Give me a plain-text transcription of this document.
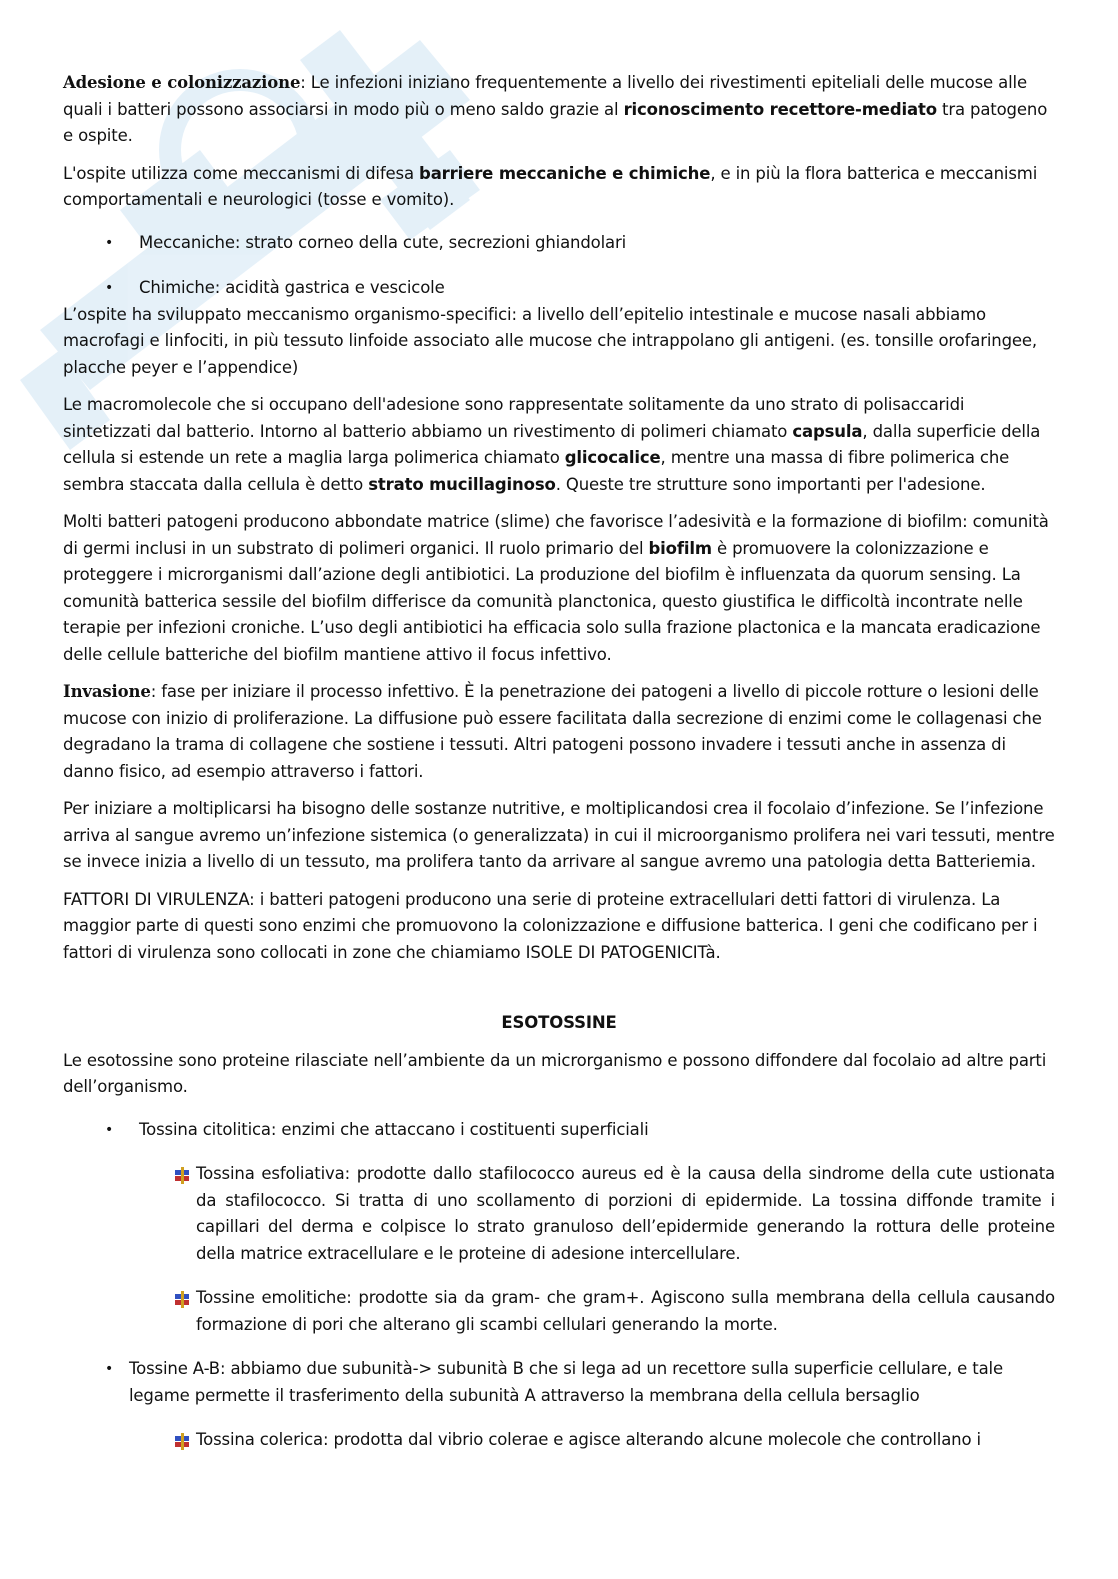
Adesione e colonizzazione: Le infezioni iniziano frequentemente a livello dei rivestimenti epiteliali delle mucose alle quali i batteri possono associarsi in modo più o meno saldo grazie al riconoscimento recettore-mediato tra patogeno e ospite.

L'ospite utilizza come meccanismi di difesa barriere meccaniche e chimiche, e in più la flora batterica e meccanismi comportamentali e neurologici (tosse e vomito).

• Meccaniche: strato corneo della cute, secrezioni ghiandolari
• Chimiche: acidità gastrica e vescicole

L’ospite ha sviluppato meccanismo organismo-specifici: a livello dell’epitelio intestinale e mucose nasali abbiamo macrofagi e linfociti, in più tessuto linfoide associato alle mucose che intrappolano gli antigeni. (es. tonsille orofaringee, placche peyer e l’appendice)

Le macromolecole che si occupano dell'adesione sono rappresentate solitamente da uno strato di polisaccaridi sintetizzati dal batterio. Intorno al batterio abbiamo un rivestimento di polimeri chiamato capsula, dalla superficie della cellula si estende un rete a maglia larga polimerica chiamato glicocalice, mentre una massa di fibre polimerica che sembra staccata dalla cellula è detto strato mucillaginoso. Queste tre strutture sono importanti per l'adesione.

Molti batteri patogeni producono abbondate matrice (slime) che favorisce l’adesività e la formazione di biofilm: comunità di germi inclusi in un substrato di polimeri organici. Il ruolo primario del biofilm è promuovere la colonizzazione e proteggere i microrganismi dall’azione degli antibiotici. La produzione del biofilm è influenzata da quorum sensing. La comunità batterica sessile del biofilm differisce da comunità planctonica, questo giustifica le difficoltà incontrate nelle terapie per infezioni croniche. L’uso degli antibiotici ha efficacia solo sulla frazione plactonica e la mancata eradicazione delle cellule batteriche del biofilm mantiene attivo il focus infettivo.

Invasione: fase per iniziare il processo infettivo. È la penetrazione dei patogeni a livello di piccole rotture o lesioni delle mucose con inizio di proliferazione. La diffusione può essere facilitata dalla secrezione di enzimi come le collagenasi che degradano la trama di collagene che sostiene i tessuti. Altri patogeni possono invadere i tessuti anche in assenza di danno fisico, ad esempio attraverso i fattori.

Per iniziare a moltiplicarsi ha bisogno delle sostanze nutritive, e moltiplicandosi crea il focolaio d’infezione. Se l’infezione arriva al sangue avremo un’infezione sistemica (o generalizzata) in cui il microorganismo prolifera nei vari tessuti, mentre se invece inizia a livello di un tessuto, ma prolifera tanto da arrivare al sangue avremo una patologia detta Batteriemia.

FATTORI DI VIRULENZA: i batteri patogeni producono una serie di proteine extracellulari detti fattori di virulenza. La maggior parte di questi sono enzimi che promuovono la colonizzazione e diffusione batterica. I geni che codificano per i fattori di virulenza sono collocati in zone che chiamiamo ISOLE DI PATOGENICITà.

ESOTOSSINE

Le esotossine sono proteine rilasciate nell’ambiente da un microrganismo e possono diffondere dal focolaio ad altre parti dell’organismo.

• Tossina citolitica: enzimi che attaccano i costituenti superficiali
Tossina esfoliativa: prodotte dallo stafilococco aureus ed è la causa della sindrome della cute ustionata da stafilococco. Si tratta di uno scollamento di porzioni di epidermide. La tossina diffonde tramite i capillari del derma e colpisce lo strato granuloso dell’epidermide generando la rottura delle proteine della matrice extracellulare e le proteine di adesione intercellulare.
Tossine emolitiche: prodotte sia da gram- che gram+. Agiscono sulla membrana della cellula causando formazione di pori che alterano gli scambi cellulari generando la morte.
• Tossine A-B: abbiamo due subunità-> subunità B che si lega ad un recettore sulla superficie cellulare, e tale legame permette il trasferimento della subunità A attraverso la membrana della cellula bersaglio
Tossina colerica: prodotta dal vibrio colerae e agisce alterando alcune molecole che controllano i
